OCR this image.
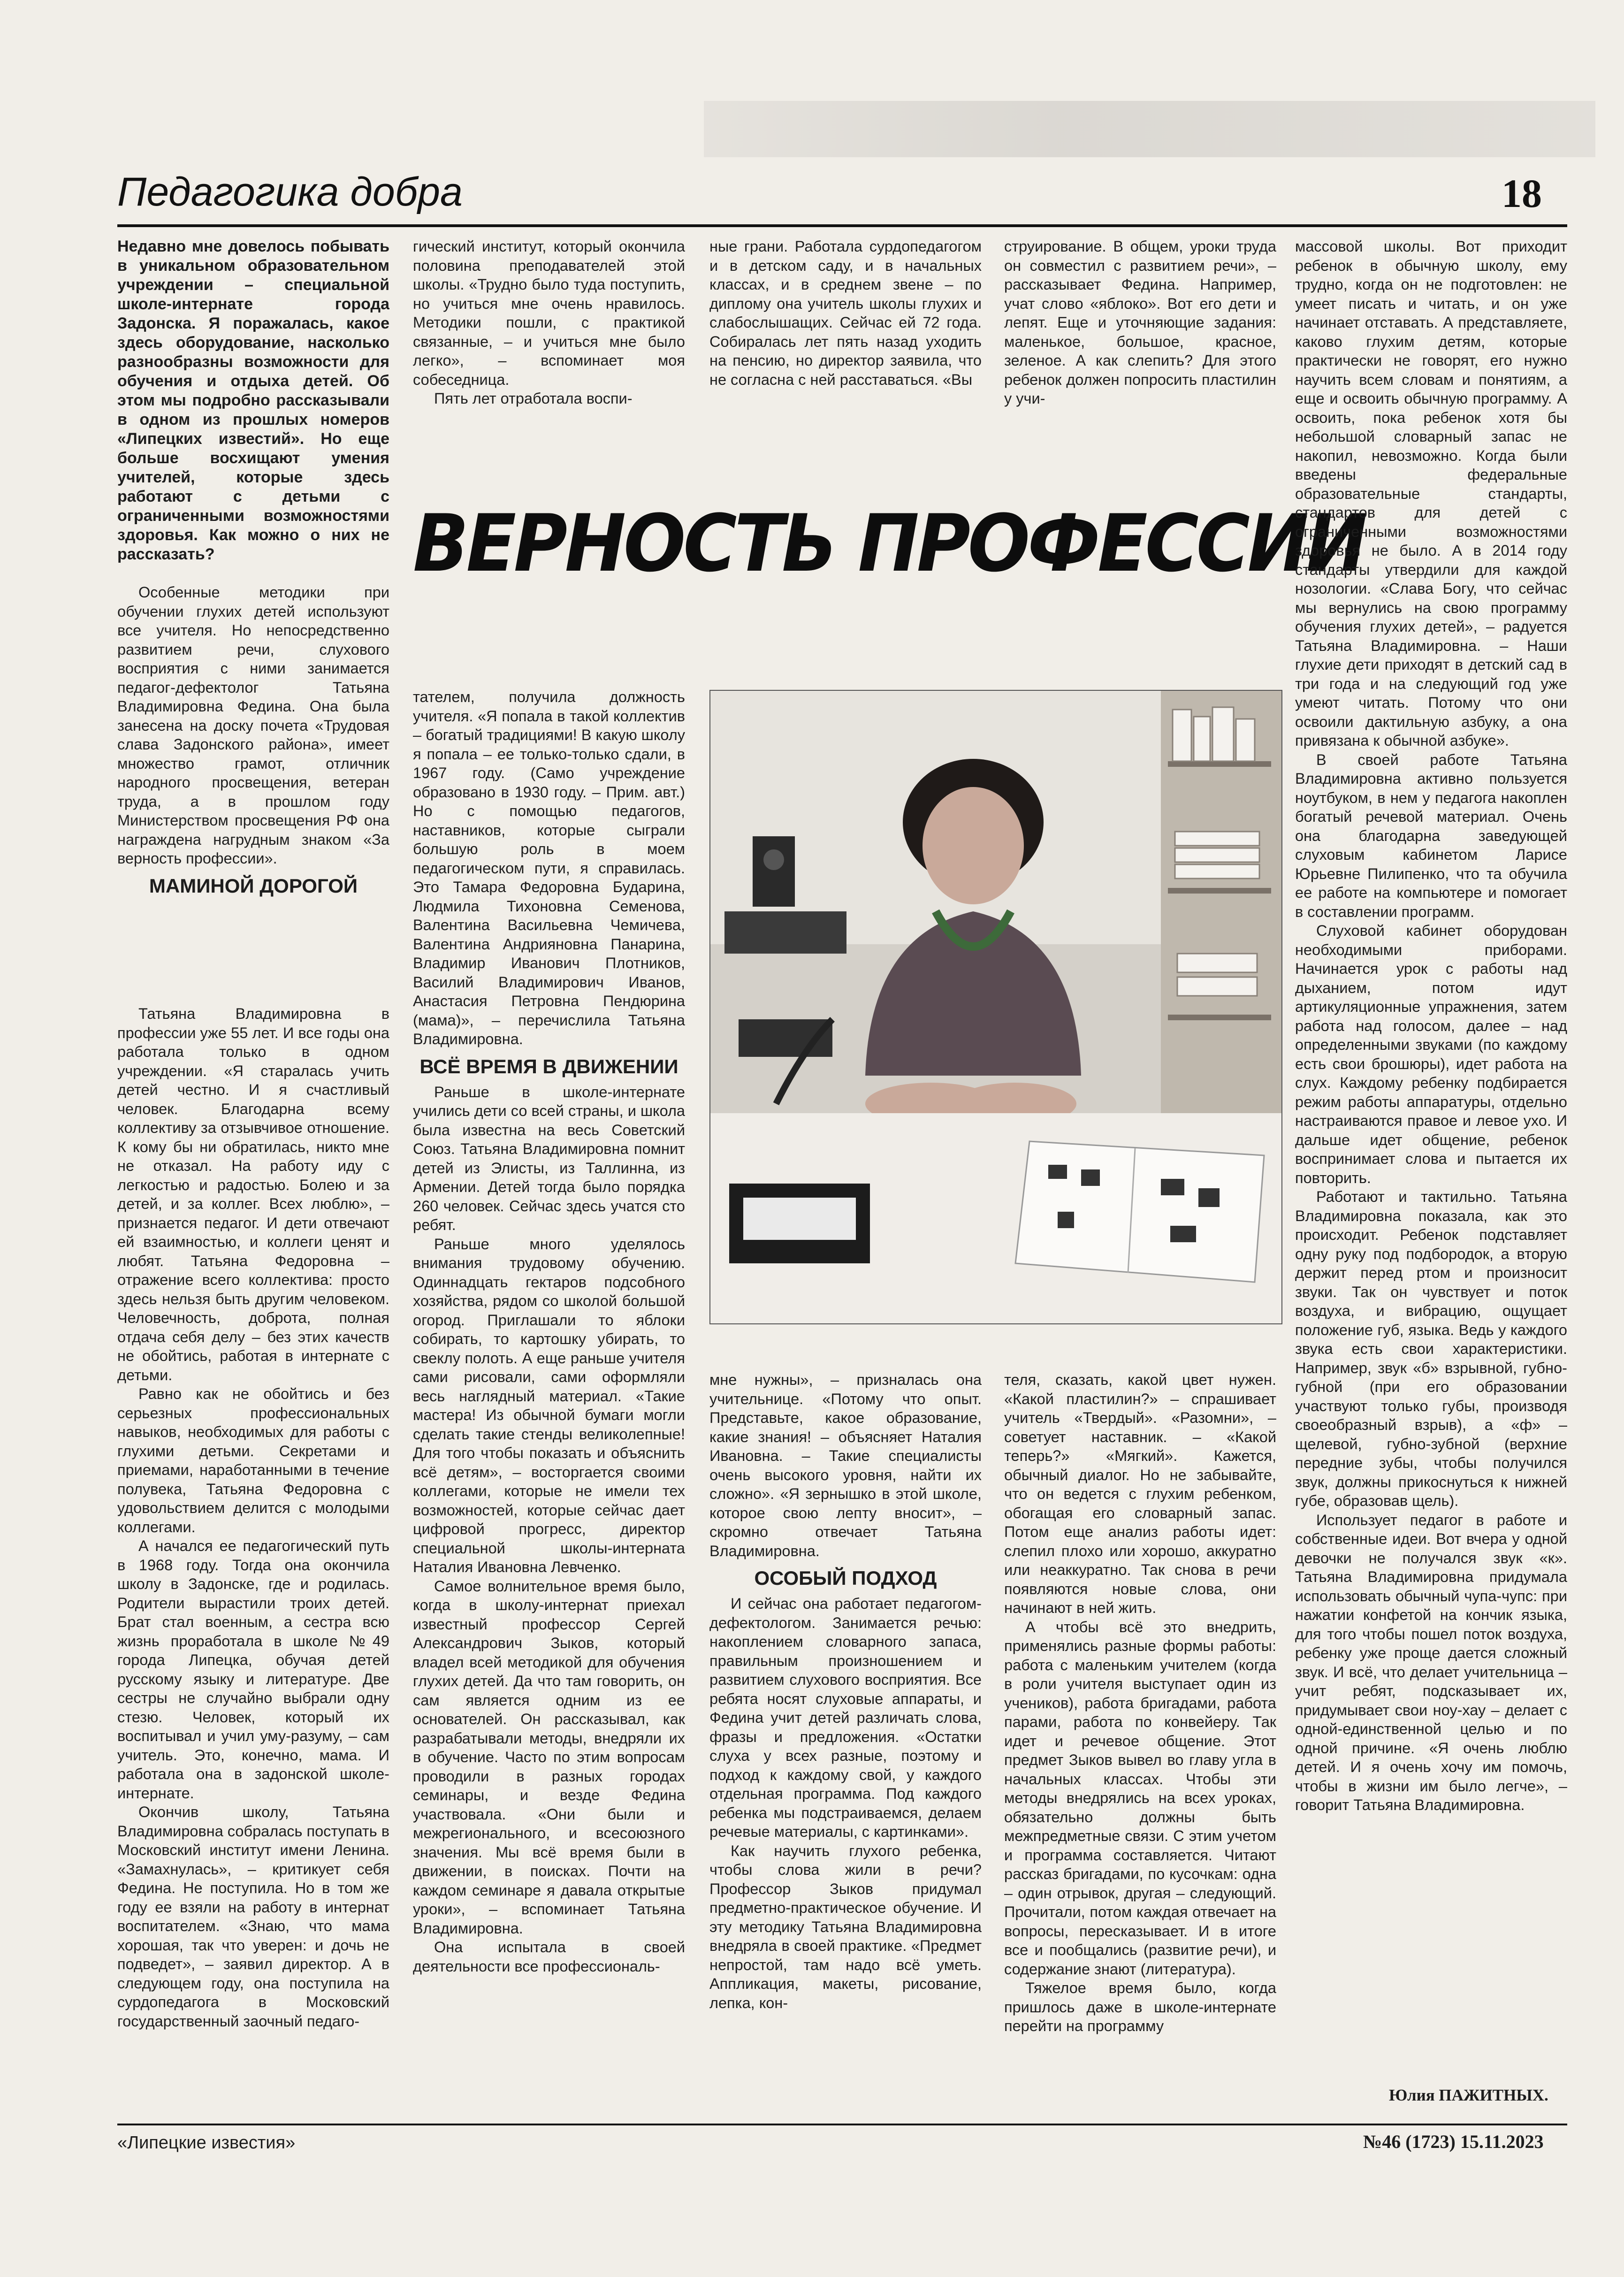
Педагогика добра	18

Недавно мне довелось побывать в уникальном образовательном учреждении – специальной школе-интернате города Задонска. Я поражалась, какое здесь оборудование, насколько разнообразны возможности для обучения и отдыха детей. Об этом мы подробно рассказывали в одном из прошлых номеров «Липецких известий». Но еще больше восхищают умения учителей, которые здесь работают с детьми с ограниченными возможностями здоровья. Как можно о них не рассказать?

Особенные методики при обучении глухих детей используют все учителя. Но непосредственно развитием речи, слухового восприятия с ними занимается педагог-дефектолог Татьяна Владимировна Федина. Она была занесена на доску почета «Трудовая слава Задонского района», имеет множество грамот, отличник народного просвещения, ветеран труда, а в прошлом году Министерством просвещения РФ она награждена нагрудным знаком «За верность профессии».

МАМИНОЙ ДОРОГОЙ

Татьяна Владимировна в профессии уже 55 лет. И все годы она работала только в одном учреждении. «Я старалась учить детей честно. И я счастливый человек. Благодарна всему коллективу за отзывчивое отношение. К кому бы ни обратилась, никто мне не отказал. На работу иду с легкостью и радостью. Болею и за детей, и за коллег. Всех люблю», – признается педагог. И дети отвечают ей взаимностью, и коллеги ценят и любят. Татьяна Федоровна – отражение всего коллектива: просто здесь нельзя быть другим человеком. Человечность, доброта, полная отдача себя делу – без этих качеств не обойтись, работая в интернате с детьми.

Равно как не обойтись и без серьезных профессиональных навыков, необходимых для работы с глухими детьми. Секретами и приемами, наработанными в течение полувека, Татьяна Федоровна с удовольствием делится с молодыми коллегами.

А начался ее педагогический путь в 1968 году. Тогда она окончила школу в Задонске, где и родилась. Родители вырастили троих детей. Брат стал военным, а сестра всю жизнь проработала в школе №49 города Липецка, обучая детей русскому языку и литературе. Две сестры не случайно выбрали одну стезю. Человек, который их воспитывал и учил уму-разуму, – сам учитель. Это, конечно, мама. И работала она в задонской школе-интернате.

Окончив школу, Татьяна Владимировна собралась поступать в Московский институт имени Ленина. «Замахнулась», – критикует себя Федина. Не поступила. Но в том же году ее взяли на работу в интернат воспитателем. «Знаю, что мама хорошая, так что уверен: и дочь не подведет», – заявил директор. А в следующем году, она поступила на сурдопедагога в Московский государственный заочный педаго-

гический институт, который окончила половина преподавателей этой школы. «Трудно было туда поступить, но учиться мне очень нравилось. Методики пошли, с практикой связанные, – и учиться мне было легко», – вспоминает моя собеседница.

Пять лет отработала воспи-

ные грани. Работала сурдопедагогом и в детском саду, и в начальных классах, и в среднем звене – по диплому она учитель школы глухих и слабослышащих. Сейчас ей 72 года. Собиралась лет пять назад уходить на пенсию, но директор заявила, что не согласна с ней расставаться. «Вы

струирование. В общем, уроки труда он совместил с развитием речи», – рассказывает Федина. Например, учат слово «яблоко». Вот его дети и лепят. Еще и уточняющие задания: маленькое, большое, красное, зеленое. А как слепить? Для этого ребенок должен попросить пластилин у учи-

ВЕРНОСТЬ ПРОФЕССИИ

тателем, получила должность учителя. «Я попала в такой коллектив – богатый традициями! В какую школу я попала – ее только-только сдали, в 1967 году. (Само учреждение образовано в 1930 году. – Прим. авт.) Но с помощью педагогов, наставников, которые сыграли большую роль в моем педагогическом пути, я справилась. Это Тамара Федоровна Бударина, Людмила Тихоновна Семенова, Валентина Васильевна Чемичева, Валентина Андрияновна Панарина, Владимир Иванович Плотников, Василий Владимирович Иванов, Анастасия Петровна Пендюрина (мама)», – перечислила Татьяна Владимировна.

ВСЁ ВРЕМЯ В ДВИЖЕНИИ

Раньше в школе-интернате учились дети со всей страны, и школа была известна на весь Советский Союз. Татьяна Владимировна помнит детей из Элисты, из Таллинна, из Армении. Детей тогда было порядка 260 человек. Сейчас здесь учатся сто ребят.

Раньше много уделялось внимания трудовому обучению. Одиннадцать гектаров подсобного хозяйства, рядом со школой большой огород. Приглашали то яблоки собирать, то картошку убирать, то свеклу полоть. А еще раньше учителя сами рисовали, сами оформляли весь наглядный материал. «Такие мастера! Из обычной бумаги могли сделать такие стенды великолепные! Для того чтобы показать и объяснить всё детям», – восторгается своими коллегами, которые не имели тех возможностей, которые сейчас дает цифровой прогресс, директор специальной школы-интерната Наталия Ивановна Левченко.

Самое волнительное время было, когда в школу-интернат приехал известный профессор Сергей Александрович Зыков, который владел всей методикой для обучения глухих детей. Да что там говорить, он сам является одним из ее основателей. Он рассказывал, как разрабатывали методы, внедряли их в обучение. Часто по этим вопросам проводили в разных городах семинары, и везде Федина участвовала. «Они были и межрегионального, и всесоюзного значения. Мы всё время были в движении, в поисках. Почти на каждом семинаре я давала открытые уроки», – вспоминает Татьяна Владимировна.

Она испытала в своей деятельности все профессиональ-

мне нужны», – призналась она учительнице. «Потому что опыт. Представьте, какое образование, какие знания! – объясняет Наталия Ивановна. – Такие специалисты очень высокого уровня, найти их сложно». «Я зернышко в этой школе, которое свою лепту вносит», – скромно отвечает Татьяна Владимировна.

ОСОБЫЙ ПОДХОД

И сейчас она работает педагогом-дефектологом. Занимается речью: накоплением словарного запаса, правильным произношением и развитием слухового восприятия. Все ребята носят слуховые аппараты, и Федина учит детей различать слова, фразы и предложения. «Остатки слуха у всех разные, поэтому и подход к каждому свой, у каждого отдельная программа. Под каждого ребенка мы подстраиваемся, делаем речевые материалы, с картинками».

Как научить глухого ребенка, чтобы слова жили в речи? Профессор Зыков придумал предметно-практическое обучение. И эту методику Татьяна Владимировна внедряла в своей практике. «Предмет непростой, там надо всё уметь. Аппликация, макеты, рисование, лепка, кон-

теля, сказать, какой цвет нужен. «Какой пластилин?» – спрашивает учитель «Твердый». «Разомни», – советует наставник. – «Какой теперь?» «Мягкий». Кажется, обычный диалог. Но не забывайте, что он ведется с глухим ребенком, обогащая его словарный запас. Потом еще анализ работы идет: слепил плохо или хорошо, аккуратно или неаккуратно. Так снова в речи появляются новые слова, они начинают в ней жить.

А чтобы всё это внедрить, применялись разные формы работы: работа с маленьким учителем (когда в роли учителя выступает один из учеников), работа бригадами, работа парами, работа по конвейеру. Так идет и речевое общение. Этот предмет Зыков вывел во главу угла в начальных классах. Чтобы эти методы внедрялись на всех уроках, обязательно должны быть межпредметные связи. С этим учетом и программа составляется. Читают рассказ бригадами, по кусочкам: одна – один отрывок, другая – следующий. Прочитали, потом каждая отвечает на вопросы, пересказывает. И в итоге все и пообщались (развитие речи), и содержание знают (литература).

Тяжелое время было, когда пришлось даже в школе-интернате перейти на программу

массовой школы. Вот приходит ребенок в обычную школу, ему трудно, когда он не подготовлен: не умеет писать и читать, и он уже начинает отставать. А представляете, каково глухим детям, которые практически не говорят, его нужно научить всем словам и понятиям, а еще и освоить обычную программу. А освоить, пока ребенок хотя бы небольшой словарный запас не накопил, невозможно. Когда были введены федеральные образовательные стандарты, стандартов для детей с ограниченными возможностями здоровья не было. А в 2014 году стандарты утвердили для каждой нозологии. «Слава Богу, что сейчас мы вернулись на свою программу обучения глухих детей», – радуется Татьяна Владимировна. – Наши глухие дети приходят в детский сад в три года и на следующий год уже умеют читать. Потому что они освоили дактильную азбуку, а она привязана к обычной азбуке».

В своей работе Татьяна Владимировна активно пользуется ноутбуком, в нем у педагога накоплен богатый речевой материал. Очень она благодарна заведующей слуховым кабинетом Ларисе Юрьевне Пилипенко, что та обучила ее работе на компьютере и помогает в составлении программ.

Слуховой кабинет оборудован необходимыми приборами. Начинается урок с работы над дыханием, потом идут артикуляционные упражнения, затем работа над голосом, далее – над определенными звуками (по каждому есть свои брошюры), идет работа на слух. Каждому ребенку подбирается режим работы аппаратуры, отдельно настраиваются правое и левое ухо. И дальше идет общение, ребенок воспринимает слова и пытается их повторить.

Работают и тактильно. Татьяна Владимировна показала, как это происходит. Ребенок подставляет одну руку под подбородок, а вторую держит перед ртом и произносит звуки. Так он чувствует и поток воздуха, и вибрацию, ощущает положение губ, языка. Ведь у каждого звука есть свои характеристики. Например, звук «б» взрывной, губно-губной (при его образовании участвуют только губы, производя своеобразный взрыв), а «ф» – щелевой, губно-зубной (верхние передние зубы, чтобы получился звук, должны прикоснуться к нижней губе, образовав щель).

Использует педагог в работе и собственные идеи. Вот вчера у одной девочки не получался звук «к». Татьяна Владимировна придумала использовать обычный чупа-чупс: при нажатии конфетой на кончик языка, для того чтобы пошел поток воздуха, ребенку уже проще дается сложный звук. И всё, что делает учительница – учит ребят, подсказывает их, придумывает свои ноу-хау – делает с одной-единственной целью и по одной причине. «Я очень люблю детей. И я очень хочу им помочь, чтобы в жизни им было легче», – говорит Татьяна Владимировна.

Юлия ПАЖИТНЫХ.
«Липецкие известия»	№46 (1723) 15.11.2023
